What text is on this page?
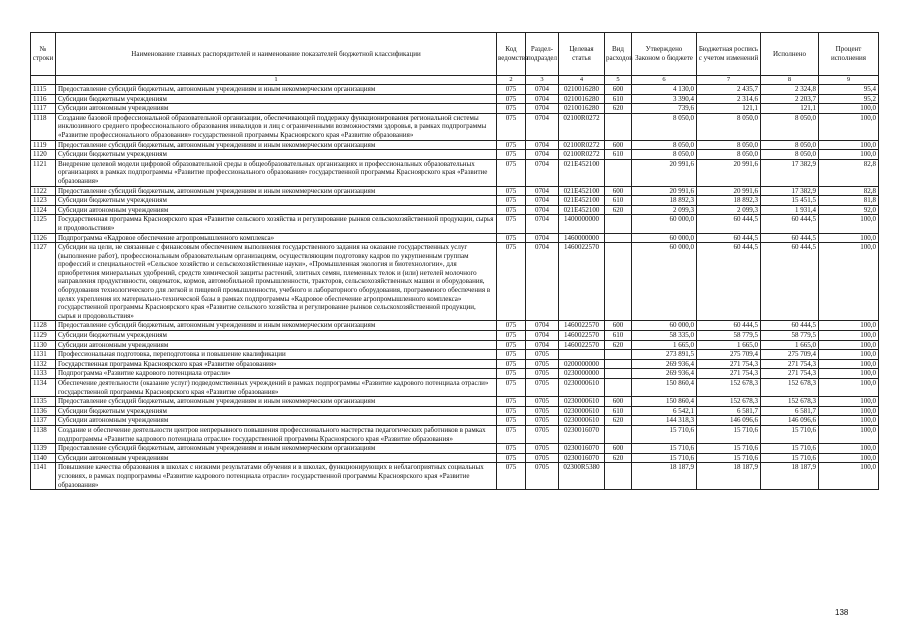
№ строки	Наименование главных распорядителей и наименование показателей бюджетной классификации	Код ведомства	Раздел-подраздел	Целевая статья	Вид расходов	Утверждено Законом о бюджете	Бюджетная роспись с учетом изменений	Исполнено	Процент исполнения
	1	2	3	4	5	6	7	8	9
1115	Предоставление субсидий бюджетным, автономным учреждениям и иным некоммерческим организациям	075	0704	0210016280	600	4 130,0	2 435,7	2 324,8	95,4
1116	Субсидии бюджетным учреждениям	075	0704	0210016280	610	3 390,4	2 314,6	2 203,7	95,2
1117	Субсидии автономным учреждениям	075	0704	0210016280	620	739,6	121,1	121,1	100,0
1118	Создание базовой профессиональной образовательной организации, обеспечивающей поддержку функционирования региональной системы инклюзивного среднего профессионального образования инвалидов и лиц с ограниченными возможностями здоровья, в рамках подпрограммы «Развитие профессионального образования» государственной программы Красноярского края «Развитие образования»	075	0704	02100R0272		8 050,0	8 050,0	8 050,0	100,0
1119	Предоставление субсидий бюджетным, автономным учреждениям и иным некоммерческим организациям	075	0704	02100R0272	600	8 050,0	8 050,0	8 050,0	100,0
1120	Субсидии бюджетным учреждениям	075	0704	02100R0272	610	8 050,0	8 050,0	8 050,0	100,0
1121	Внедрение целевой модели цифровой образовательной среды в общеобразовательных организациях и профессиональных образовательных организациях в рамках подпрограммы «Развитие профессионального образования» государственной программы Красноярского края «Развитие образования»	075	0704	021E452100		20 991,6	20 991,6	17 382,9	82,8
1122	Предоставление субсидий бюджетным, автономным учреждениям и иным некоммерческим организациям	075	0704	021E452100	600	20 991,6	20 991,6	17 382,9	82,8
1123	Субсидии бюджетным учреждениям	075	0704	021E452100	610	18 892,3	18 892,3	15 451,5	81,8
1124	Субсидии автономным учреждениям	075	0704	021E452100	620	2 099,3	2 099,3	1 931,4	92,0
1125	Государственная программа Красноярского края «Развитие сельского хозяйства и регулирование рынков сельскохозяйственной продукции, сырья и продовольствия»	075	0704	1400000000		60 000,0	60 444,5	60 444,5	100,0
1126	Подпрограмма «Кадровое обеспечение агропромышленного комплекса»	075	0704	1460000000		60 000,0	60 444,5	60 444,5	100,0
1127	Субсидии на цели, не связанные с финансовым обеспечением выполнения государственного задания на оказание государственных услуг (выполнение работ), профессиональным образовательным организациям, осуществляющим подготовку кадров по укрупненным группам профессий и специальностей «Сельское хозяйство и сельскохозяйственные науки», «Промышленная экология и биотехнологии», для приобретения минеральных удобрений, средств химической защиты растений, элитных семян, племенных телок и (или) нетелей молочного направления продуктивности, овцематок, кормов, автомобильной промышленности, тракторов, сельскохозяйственных машин и оборудования, оборудования технологического для легкой и пищевой промышленности, учебного и лабораторного оборудования, программного обеспечения в целях укрепления их материально-технической базы в рамках подпрограммы «Кадровое обеспечение агропромышленного комплекса» государственной программы Красноярского края «Развитие сельского хозяйства и регулирование рынков сельскохозяйственной продукции, сырья и продовольствия»	075	0704	1460022570		60 000,0	60 444,5	60 444,5	100,0
1128	Предоставление субсидий бюджетным, автономным учреждениям и иным некоммерческим организациям	075	0704	1460022570	600	60 000,0	60 444,5	60 444,5	100,0
1129	Субсидии бюджетным учреждениям	075	0704	1460022570	610	58 335,0	58 779,5	58 779,5	100,0
1130	Субсидии автономным учреждениям	075	0704	1460022570	620	1 665,0	1 665,0	1 665,0	100,0
1131	Профессиональная подготовка, переподготовка и повышение квалификации	075	0705			273 891,5	275 709,4	275 709,4	100,0
1132	Государственная программа Красноярского края «Развитие образования»	075	0705	0200000000		269 936,4	271 754,3	271 754,3	100,0
1133	Подпрограмма «Развитие кадрового потенциала отрасли»	075	0705	0230000000		269 936,4	271 754,3	271 754,3	100,0
1134	Обеспечение деятельности (оказание услуг) подведомственных учреждений в рамках подпрограммы «Развитие кадрового потенциала отрасли» государственной программы Красноярского края «Развитие образования»	075	0705	0230000610		150 860,4	152 678,3	152 678,3	100,0
1135	Предоставление субсидий бюджетным, автономным учреждениям и иным некоммерческим организациям	075	0705	0230000610	600	150 860,4	152 678,3	152 678,3	100,0
1136	Субсидии бюджетным учреждениям	075	0705	0230000610	610	6 542,1	6 581,7	6 581,7	100,0
1137	Субсидии автономным учреждениям	075	0705	0230000610	620	144 318,3	146 096,6	146 096,6	100,0
1138	Создание и обеспечение деятельности центров непрерывного повышения профессионального мастерства педагогических работников в рамках подпрограммы «Развитие кадрового потенциала отрасли» государственной программы Красноярского края «Развитие образования»	075	0705	0230016070		15 710,6	15 710,6	15 710,6	100,0
1139	Предоставление субсидий бюджетным, автономным учреждениям и иным некоммерческим организациям	075	0705	0230016070	600	15 710,6	15 710,6	15 710,6	100,0
1140	Субсидии автономным учреждениям	075	0705	0230016070	620	15 710,6	15 710,6	15 710,6	100,0
1141	Повышение качества образования в школах с низкими результатами обучения и в школах, функционирующих в неблагоприятных социальных условиях, в рамках подпрограммы «Развитие кадрового потенциала отрасли» государственной программы Красноярского края «Развитие образования»	075	0705	02300R5380		18 187,9	18 187,9	18 187,9	100,0
138
